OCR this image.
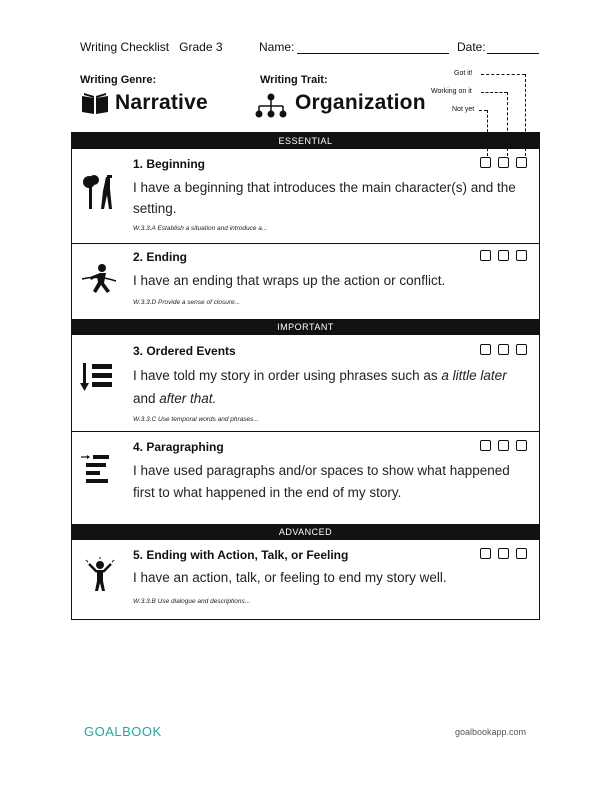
Writing Checklist Grade 3	Name:	Date:
Writing Genre:
Narrative
Writing Trait:
Organization
Got it!
Working on it
Not yet
ESSENTIAL
1. Beginning
I have a beginning that introduces the main character(s) and the setting.
W.3.3.A Establish a situation and introduce a...
2. Ending
I have an ending that wraps up the action or conflict.
W.3.3.D Provide a sense of closure...
IMPORTANT
3. Ordered Events
I have told my story in order using phrases such as a little later and after that.
W.3.3.C Use temporal words and phrases...
4. Paragraphing
I have used paragraphs and/or spaces to show what happened first to what happened in the end of my story.
ADVANCED
5. Ending with Action, Talk, or Feeling
I have an action, talk, or feeling to end my story well.
W.3.3.B Use dialogue and descriptions...
GOALBOOK	goalbookapp.com
